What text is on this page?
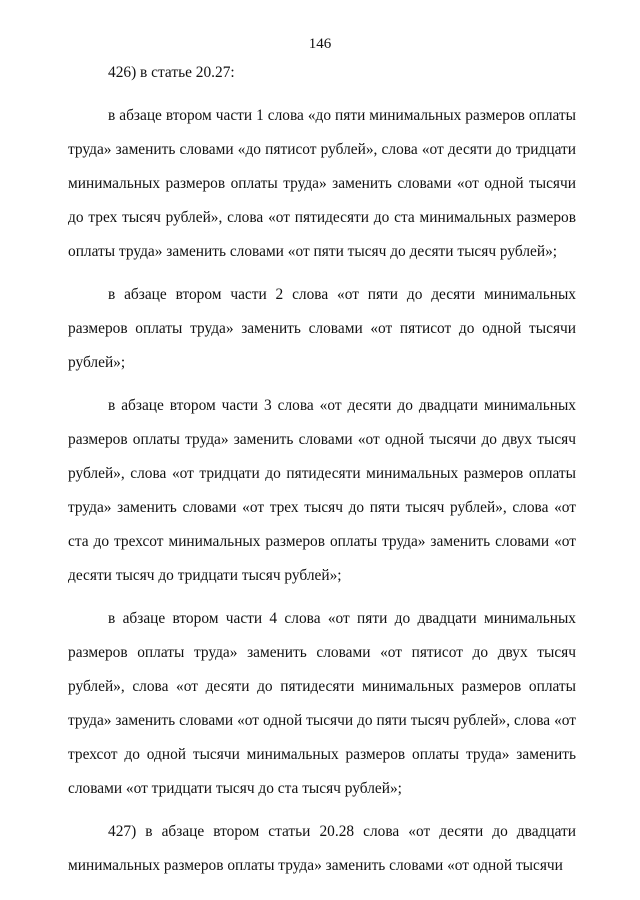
146

426) в статье 20.27:

в абзаце втором части 1 слова «до пяти минимальных размеров оплаты труда» заменить словами «до пятисот рублей», слова «от десяти до тридцати минимальных размеров оплаты труда» заменить словами «от одной тысячи до трех тысяч рублей», слова «от пятидесяти до ста минимальных размеров оплаты труда» заменить словами «от пяти тысяч до десяти тысяч рублей»;

в абзаце втором части 2 слова «от пяти до десяти минимальных размеров оплаты труда» заменить словами «от пятисот до одной тысячи рублей»;

в абзаце втором части 3 слова «от десяти до двадцати минимальных размеров оплаты труда» заменить словами «от одной тысячи до двух тысяч рублей», слова «от тридцати до пятидесяти минимальных размеров оплаты труда» заменить словами «от трех тысяч до пяти тысяч рублей», слова «от ста до трехсот минимальных размеров оплаты труда» заменить словами «от десяти тысяч до тридцати тысяч рублей»;

в абзаце втором части 4 слова «от пяти до двадцати минимальных размеров оплаты труда» заменить словами «от пятисот до двух тысяч рублей», слова «от десяти до пятидесяти минимальных размеров оплаты труда» заменить словами «от одной тысячи до пяти тысяч рублей», слова «от трехсот до одной тысячи минимальных размеров оплаты труда» заменить словами «от тридцати тысяч до ста тысяч рублей»;

427) в абзаце втором статьи 20.28 слова «от десяти до двадцати минимальных размеров оплаты труда» заменить словами «от одной тысячи
